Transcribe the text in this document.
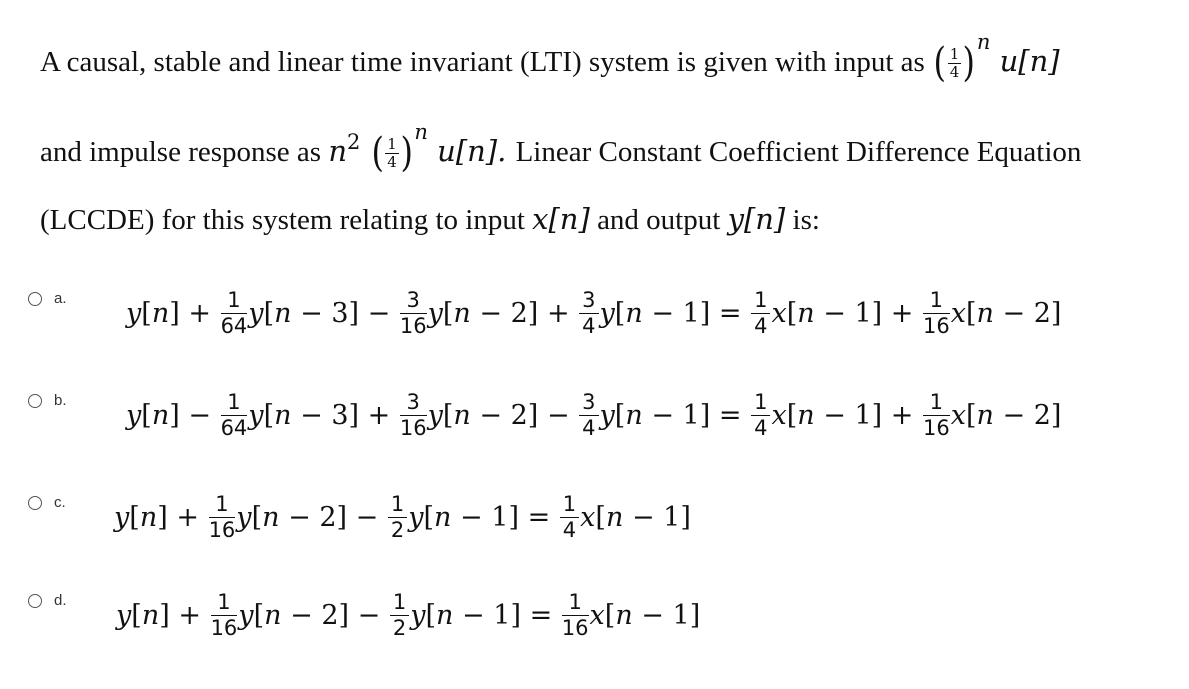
A causal, stable and linear time invariant (LTI) system is given with input as ( $\frac{1}{4} )^n$ u[n]
and impulse response as $n^2$ ( $\frac{1}{4} )^n$ u[n]. Linear Constant Coefficient Difference Equation
(LCCDE) for this system relating to input x[n] and output y[n] is:
a. $y[n] + \frac{1}{64} y[n - 3] - \frac{3}{16} y[n - 2] + \frac{3}{4} y[n - 1] = \frac{1}{4} x[n - 1] + \frac{1}{16} x[n - 2]$
b. $y[n] - \frac{1}{64} y[n - 3] + \frac{3}{16} y[n - 2] - \frac{3}{4} y[n - 1] = \frac{1}{4} x[n - 1] + \frac{1}{16} x[n - 2]$
c. $y[n] + \frac{1}{16} y[n - 2] - \frac{1}{2} y[n - 1] = \frac{1}{4} x[n - 1]$
d. $y[n] + \frac{1}{16} y[n - 2] - \frac{1}{2} y[n - 1] = \frac{1}{16} x[n - 1]$
